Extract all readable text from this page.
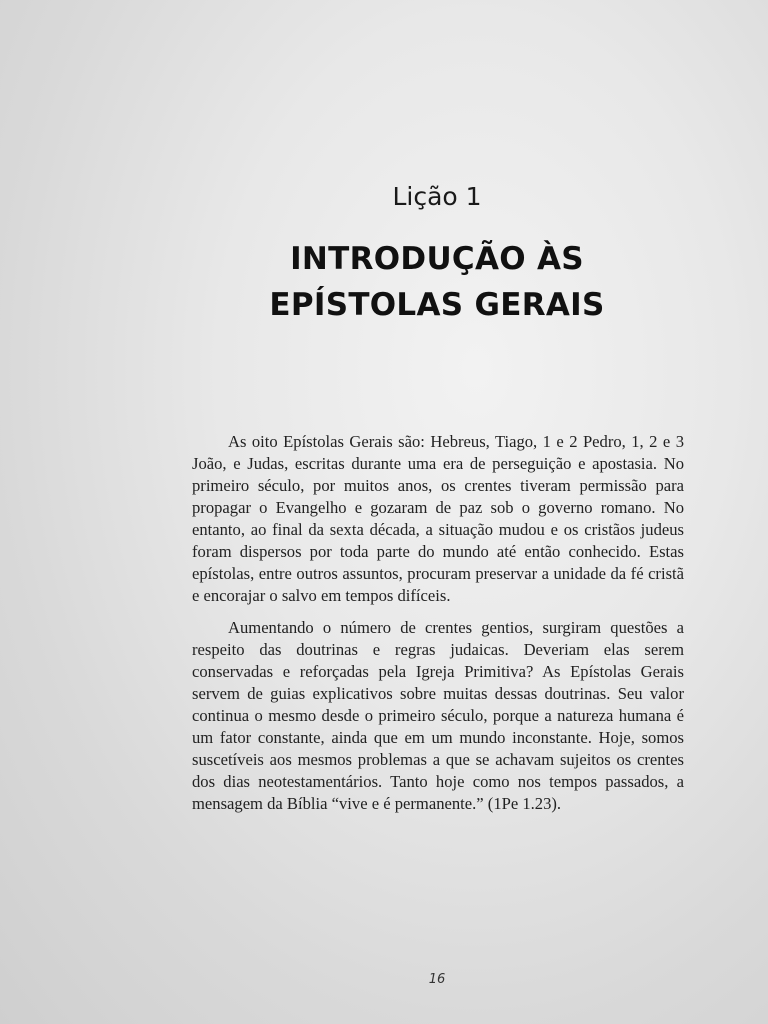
Lição 1
INTRODUÇÃO ÀS
EPÍSTOLAS GERAIS

As oito Epístolas Gerais são: Hebreus, Tiago, 1 e 2 Pedro, 1, 2 e 3 João, e Judas, escritas durante uma era de perseguição e apostasia. No primeiro século, por muitos anos, os crentes tiveram permissão para propagar o Evangelho e gozaram de paz sob o governo romano. No entanto, ao final da sexta década, a situação mudou e os cristãos judeus foram dispersos por toda parte do mundo até então conhecido. Estas epístolas, entre outros assuntos, procuram preservar a unidade da fé cristã e encorajar o salvo em tempos difíceis.

Aumentando o número de crentes gentios, surgiram questões a respeito das doutrinas e regras judaicas. Deveriam elas serem conservadas e reforçadas pela Igreja Primitiva? As Epístolas Gerais servem de guias explicativos sobre muitas dessas doutrinas. Seu valor continua o mesmo desde o primeiro século, porque a natureza humana é um fator constante, ainda que em um mundo inconstante. Hoje, somos suscetíveis aos mesmos problemas a que se achavam sujeitos os crentes dos dias neotestamentários. Tanto hoje como nos tempos passados, a mensagem da Bíblia “vive e é permanente.” (1Pe 1.23).

16
